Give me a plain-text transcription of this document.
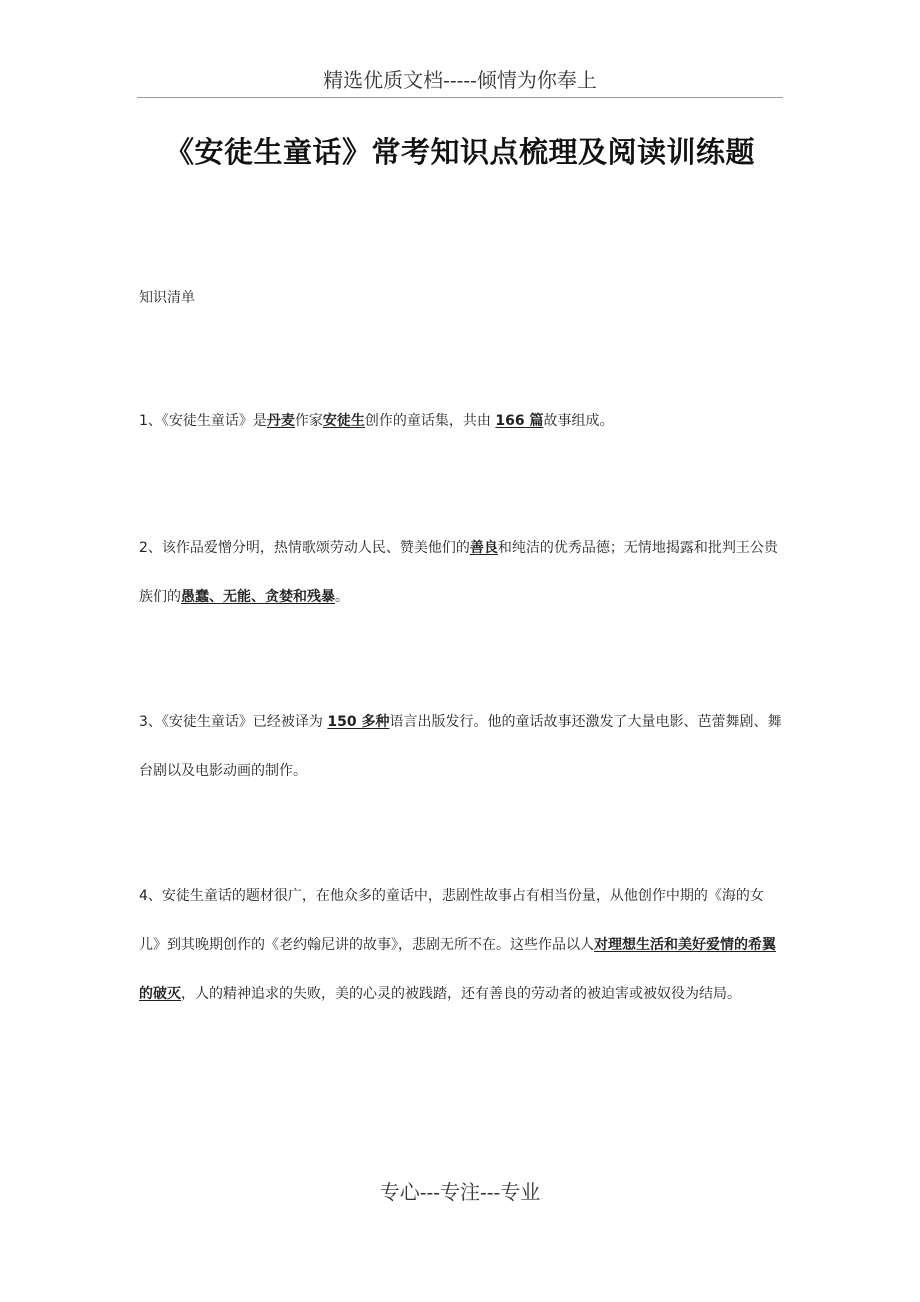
精选优质文档-----倾情为你奉上
《安徒生童话》常考知识点梳理及阅读训练题
知识清单
1、《安徒生童话》是丹麦作家安徒生创作的童话集，共由 166 篇故事组成。
2、该作品爱憎分明，热情歌颂劳动人民、赞美他们的善良和纯洁的优秀品德；无情地揭露和批判王公贵族们的愚蠢、无能、贪婪和残暴。
3、《安徒生童话》已经被译为 150 多种语言出版发行。他的童话故事还激发了大量电影、芭蕾舞剧、舞台剧以及电影动画的制作。
4、安徒生童话的题材很广，在他众多的童话中，悲剧性故事占有相当份量，从他创作中期的《海的女儿》到其晚期创作的《老约翰尼讲的故事》，悲剧无所不在。这些作品以人对理想生活和美好爱情的希翼的破灭，人的精神追求的失败，美的心灵的被践踏，还有善良的劳动者的被迫害或被奴役为结局。
专心---专注---专业
